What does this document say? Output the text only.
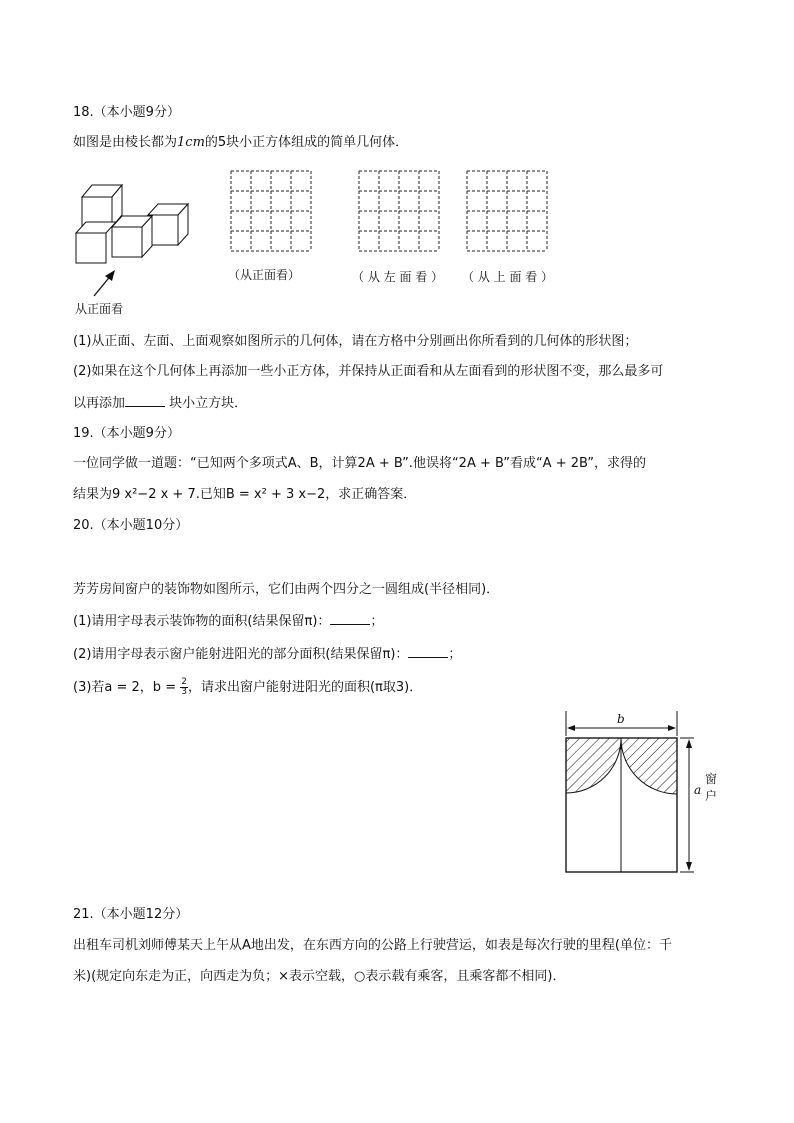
18.（本小题9分）
如图是由棱长都为1cm的5块小正方体组成的简单几何体．
从正面看
（从正面看）	（ 从 左 面 看 ） （ 从 上 面 看 ）
(1)从正面、左面、上面观察如图所示的几何体，请在方格中分别画出你所看到的几何体的形状图；
(2)如果在这个几何体上再添加一些小正方体，并保持从正面看和从左面看到的形状图不变，那么最多可
以再添加	块小立方块．
19.（本小题9分）
一位同学做一道题：“已知两个多项式A、B，计算2A + B”.他误将“2A + B”看成“A + 2B”，求得的
结果为9 x²−2 x + 7.已知B = x² + 3 x−2，求正确答案．
20.（本小题10分）
芳芳房间窗户的装饰物如图所示，它们由两个四分之一圆组成(半径相同)．
(1)请用字母表示装饰物的面积(结果保留π)：	；
(2)请用字母表示窗户能射进阳光的部分面积(结果保留π)：	；
(3)若a = 2，$b = \frac{2}{3}$ ，请求出窗户能射进阳光的面积(π取3)．
b
a
窗
户
21.（本小题12分）
出租车司机刘师傅某天上午从A地出发，在东西方向的公路上行驶营运，如表是每次行驶的里程(单位：千
米)(规定向东走为正，向西走为负；×表示空载，○表示载有乘客，且乘客都不相同)．
